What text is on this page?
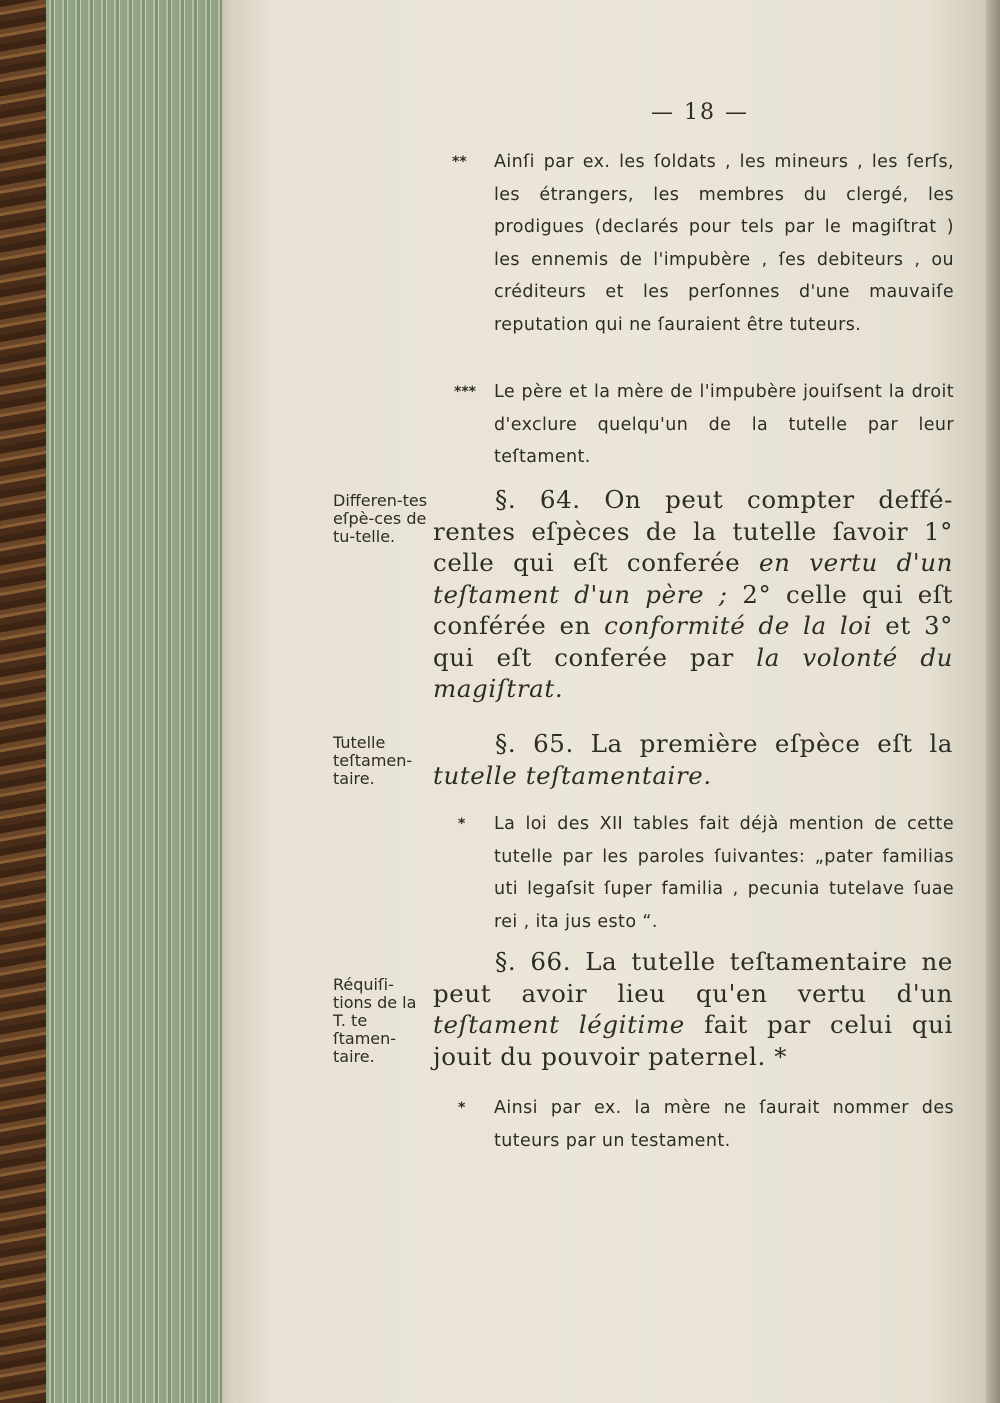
— 18 —
** Ainſi par ex. les ſoldats , les mineurs , les ſerſs, les étrangers, les membres du clergé, les prodigues (declarés pour tels par le magiſtrat ) les ennemis de l'impubère , ſes debiteurs , ou créditeurs et les perſonnes d'une mauvaiſe reputation qui ne ſauraient être tuteurs.

*** Le père et la mère de l'impubère jouiſsent la droit d'exclure quelqu'un de la tutelle par leur teſtament.

Differen-tes eſpè-ces de tu-telle.
§. 64. On peut compter deffé-rentes eſpèces de la tutelle ſavoir 1° celle qui eſt conferée en vertu d'un teſtament d'un père ; 2° celle qui eſt conférée en conformité de la loi et 3° qui eſt conferée par la volonté du magiſtrat.
Tutelle teſtamen-taire.
§. 65. La première eſpèce eſt la tutelle teſtamentaire.
* La loi des XII tables fait déjà mention de cette tutelle par les paroles ſuivantes: „pater familias uti legaſsit ſuper familia , pecunia tutelave ſuae rei , ita jus esto “.

Réquiſi-tions de la T. te ſtamen-taire.
§. 66. La tutelle teſtamentaire ne peut avoir lieu qu'en vertu d'un teſtament légitime fait par celui qui jouit du pouvoir paternel. *
* Ainsi par ex. la mère ne ſaurait nommer des tuteurs par un testament.
